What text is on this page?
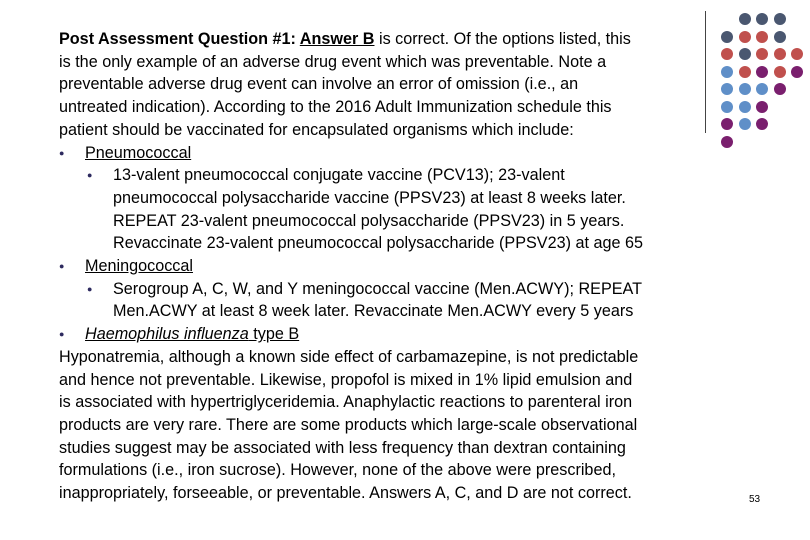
Post Assessment Question #1: Answer B is correct. Of the options listed, this
is the only example of an adverse drug event which was preventable. Note a
preventable adverse drug event can involve an error of omission (i.e., an
untreated indication). According to the 2016 Adult Immunization schedule this
patient should be vaccinated for encapsulated organisms which include:
● Pneumococcal
● 13-valent pneumococcal conjugate vaccine (PCV13); 23-valent
pneumococcal polysaccharide vaccine (PPSV23) at least 8 weeks later.
REPEAT 23-valent pneumococcal polysaccharide (PPSV23) in 5 years.
Revaccinate 23-valent pneumococcal polysaccharide (PPSV23) at age 65
● Meningococcal
● Serogroup A, C, W, and Y meningococcal vaccine (Men.ACWY); REPEAT
Men.ACWY at least 8 week later. Revaccinate Men.ACWY every 5 years
● Haemophilus influenza type B
Hyponatremia, although a known side effect of carbamazepine, is not predictable
and hence not preventable. Likewise, propofol is mixed in 1% lipid emulsion and
is associated with hypertriglyceridemia. Anaphylactic reactions to parenteral iron
products are very rare. There are some products which large-scale observational
studies suggest may be associated with less frequency than dextran containing
formulations (i.e., iron sucrose). However, none of the above were prescribed,
inappropriately, forseeable, or preventable. Answers A, C, and D are not correct.	53
